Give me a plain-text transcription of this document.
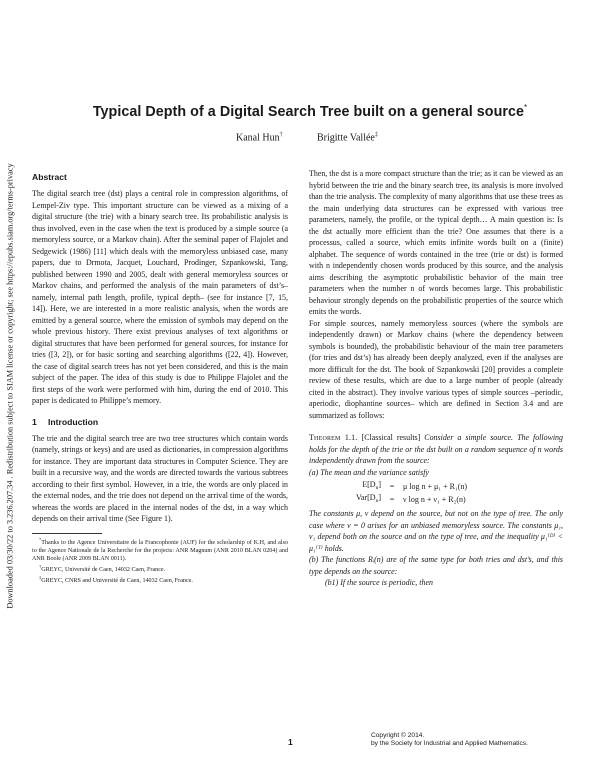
Downloaded 03/30/22 to 3.236.207.34 . Redistribution subject to SIAM license or copyright; see https://epubs.siam.org/terms-privacy
Typical Depth of a Digital Search Tree built on a general source*
Kanal Hun†	Brigitte Vallée‡
Abstract

The digital search tree (dst) plays a central role in compression algorithms, of Lempel-Ziv type. This important structure can be viewed as a mixing of a digital structure (the trie) with a binary search tree. Its probabilistic analysis is thus involved, even in the case when the text is produced by a simple source (a memoryless source, or a Markov chain). After the seminal paper of Flajolet and Sedgewick (1986) [11] which deals with the memoryless unbiased case, many papers, due to Drmota, Jacquet, Louchard, Prodinger, Szpankowski, Tang, published between 1990 and 2005, dealt with general memoryless sources or Markov chains, and performed the analysis of the main parameters of dst’s–namely, internal path length, profile, typical depth– (see for instance [7, 15, 14]). Here, we are interested in a more realistic analysis, when the words are emitted by a general source, where the emission of symbols may depend on the whole previous history. There exist previous analyses of text algorithms or digital structures that have been performed for general sources, for instance for tries ([3, 2]), or for basic sorting and searching algorithms ([22, 4]). However, the case of digital search trees has not yet been considered, and this is the main subject of the paper. The idea of this study is due to Philippe Flajolet and the first steps of the work were performed with him, during the end of 2010. This paper is dedicated to Philippe’s memory.

1 Introduction

The trie and the digital search tree are two tree structures which contain words (namely, strings or keys) and are used as dictionaries, in compression algorithms for instance. They are important data structures in Computer Science. They are built in a recursive way, and the words are directed towards the various subtrees according to their first symbol. However, in a trie, the words are only placed in the external nodes, and the trie does not depend on the arrival time of the words, whereas the words are placed in the internal nodes of the dst, in a way which depends on their arrival time (See Figure 1).

*Thanks to the Agence Universitaire de la Francophonie (AUF) for the scholarship of K.H, and also to the Agence Nationale de la Recherche for the projects: ANR Magnum (ANR 2010 BLAN 0204) and ANR Boole (ANR 2009 BLAN 0011).

†GREYC, Université de Caen, 14032 Caen, France.

‡GREYC, CNRS and Université de Caen, 14032 Caen, France.

Then, the dst is a more compact structure than the trie; as it can be viewed as an hybrid between the trie and the binary search tree, its analysis is more involved than the trie analysis. The complexity of many algorithms that use these trees as the main underlying data structures can be expressed with various tree parameters, namely, the profile, or the typical depth… A main question is: Is the dst actually more efficient than the trie? One assumes that there is a processus, called a source, which emits infinite words built on a (finite) alphabet. The sequence of words contained in the tree (trie or dst) is formed with n independently chosen words produced by this source, and the analysis aims describing the asymptotic probabilistic behavior of the main tree parameters when the number n of words becomes large. This probabilistic behaviour strongly depends on the probabilistic properties of the source which emits the words.

For simple sources, namely memoryless sources (where the symbols are independently drawn) or Markov chains (where the dependency between symbols is bounded), the probabilistic behaviour of the main tree parameters (for tries and dst’s) has already been deeply analyzed, even if the analyses are more difficult for the dst. The book of Szpankowski [20] provides a complete review of these results, which are due to a large number of people (already cited in the abstract). They involve various types of simple sources –periodic, aperiodic, diophantine sources– which are defined in Section 3.4 and are summarized as follows:

Theorem 1.1. [Classical results] Consider a simple source. The following holds for the depth of the trie or the dst built on a random sequence of n words independently drawn from the source:

(a) The mean and the variance satisfy

$E[D_n]$	=	μ log n + μ₁ + R₁(n)
$Var[D_n]$	=	ν log n + ν₁ + R₂(n)

The constants μ, ν depend on the source, but not on the type of tree. The only case where ν = 0 arises for an unbiased memoryless source. The constants μ₁, ν₁ depend both on the source and on the type of tree, and the inequality μ₁⁽ᴰ⁾ < μ₁⁽ᵀ⁾ holds.

(b) The functions Rᵢ(n) are of the same type for both tries and dst’s, and this type depends on the source:

(b1) If the source is periodic, then

1
Copyright © 2014.
by the Society for Industrial and Applied Mathematics.
